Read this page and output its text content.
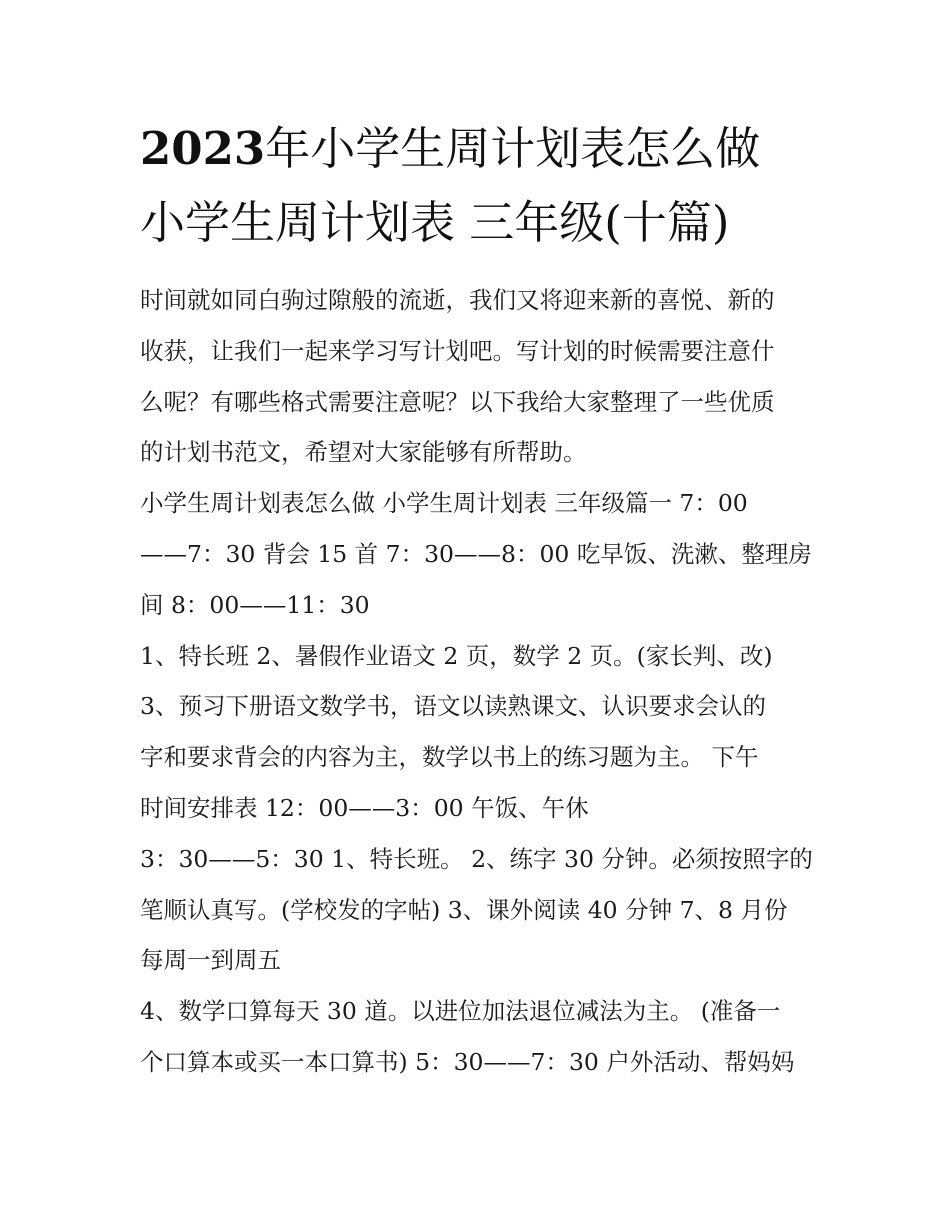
2023年小学生周计划表怎么做
小学生周计划表 三年级(十篇)
时间就如同白驹过隙般的流逝，我们又将迎来新的喜悦、新的
收获，让我们一起来学习写计划吧。写计划的时候需要注意什
么呢？有哪些格式需要注意呢？以下我给大家整理了一些优质
的计划书范文，希望对大家能够有所帮助。
小学生周计划表怎么做 小学生周计划表 三年级篇一 7：00
——7：30 背会 15 首 7：30——8：00 吃早饭、洗漱、整理房
间 8：00——11：30
1、特长班 2、暑假作业语文 2 页，数学 2 页。(家长判、改)
3、预习下册语文数学书，语文以读熟课文、认识要求会认的
字和要求背会的内容为主，数学以书上的练习题为主。 下午
时间安排表 12：00——3：00 午饭、午休
3：30——5：30 1、特长班。 2、练字 30 分钟。必须按照字的
笔顺认真写。(学校发的字帖) 3、课外阅读 40 分钟 7、8 月份
每周一到周五
4、数学口算每天 30 道。以进位加法退位减法为主。 (准备一
个口算本或买一本口算书) 5：30——7：30 户外活动、帮妈妈
